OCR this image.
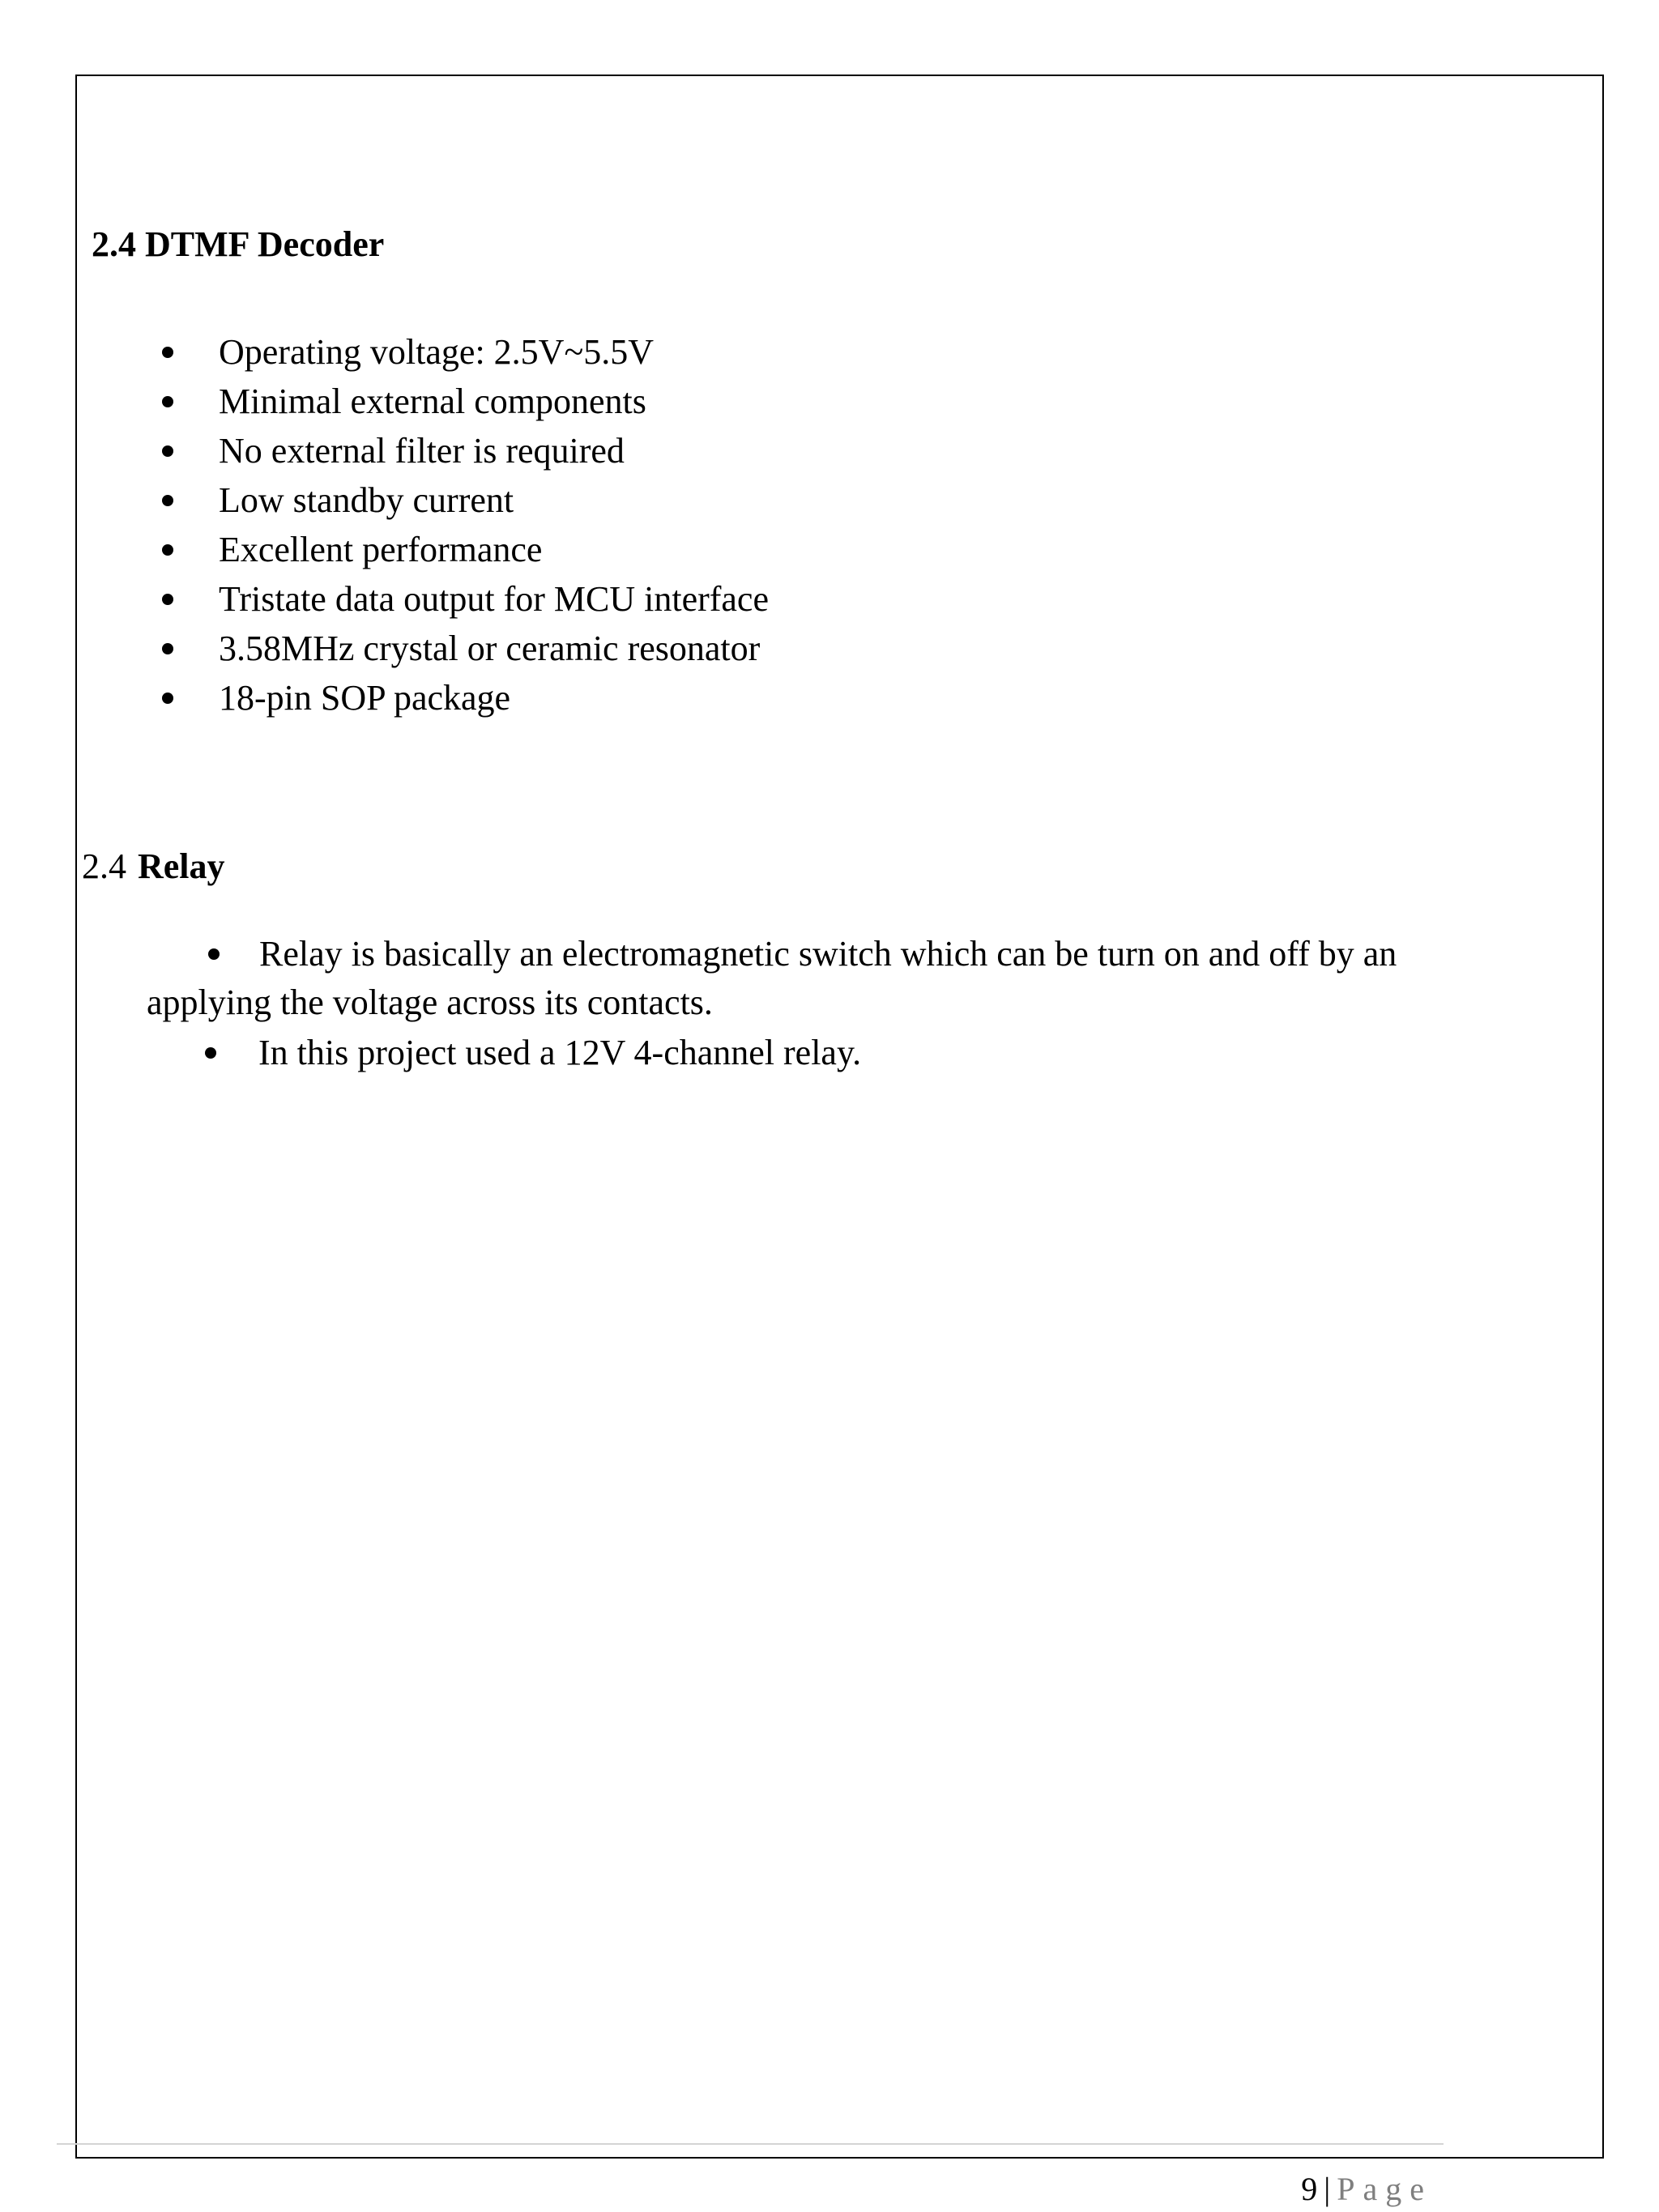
2.4 DTMF Decoder
Operating voltage: 2.5V~5.5V
Minimal external components
No external filter is required
Low standby current
Excellent performance
Tristate data output for MCU interface
3.58MHz crystal or ceramic resonator
18-pin SOP package
2.4 Relay
Relay is basically an electromagnetic switch which can be turn on and off by an
applying the voltage across its contacts.
In this project used a 12V 4-channel relay.
9 | Page
